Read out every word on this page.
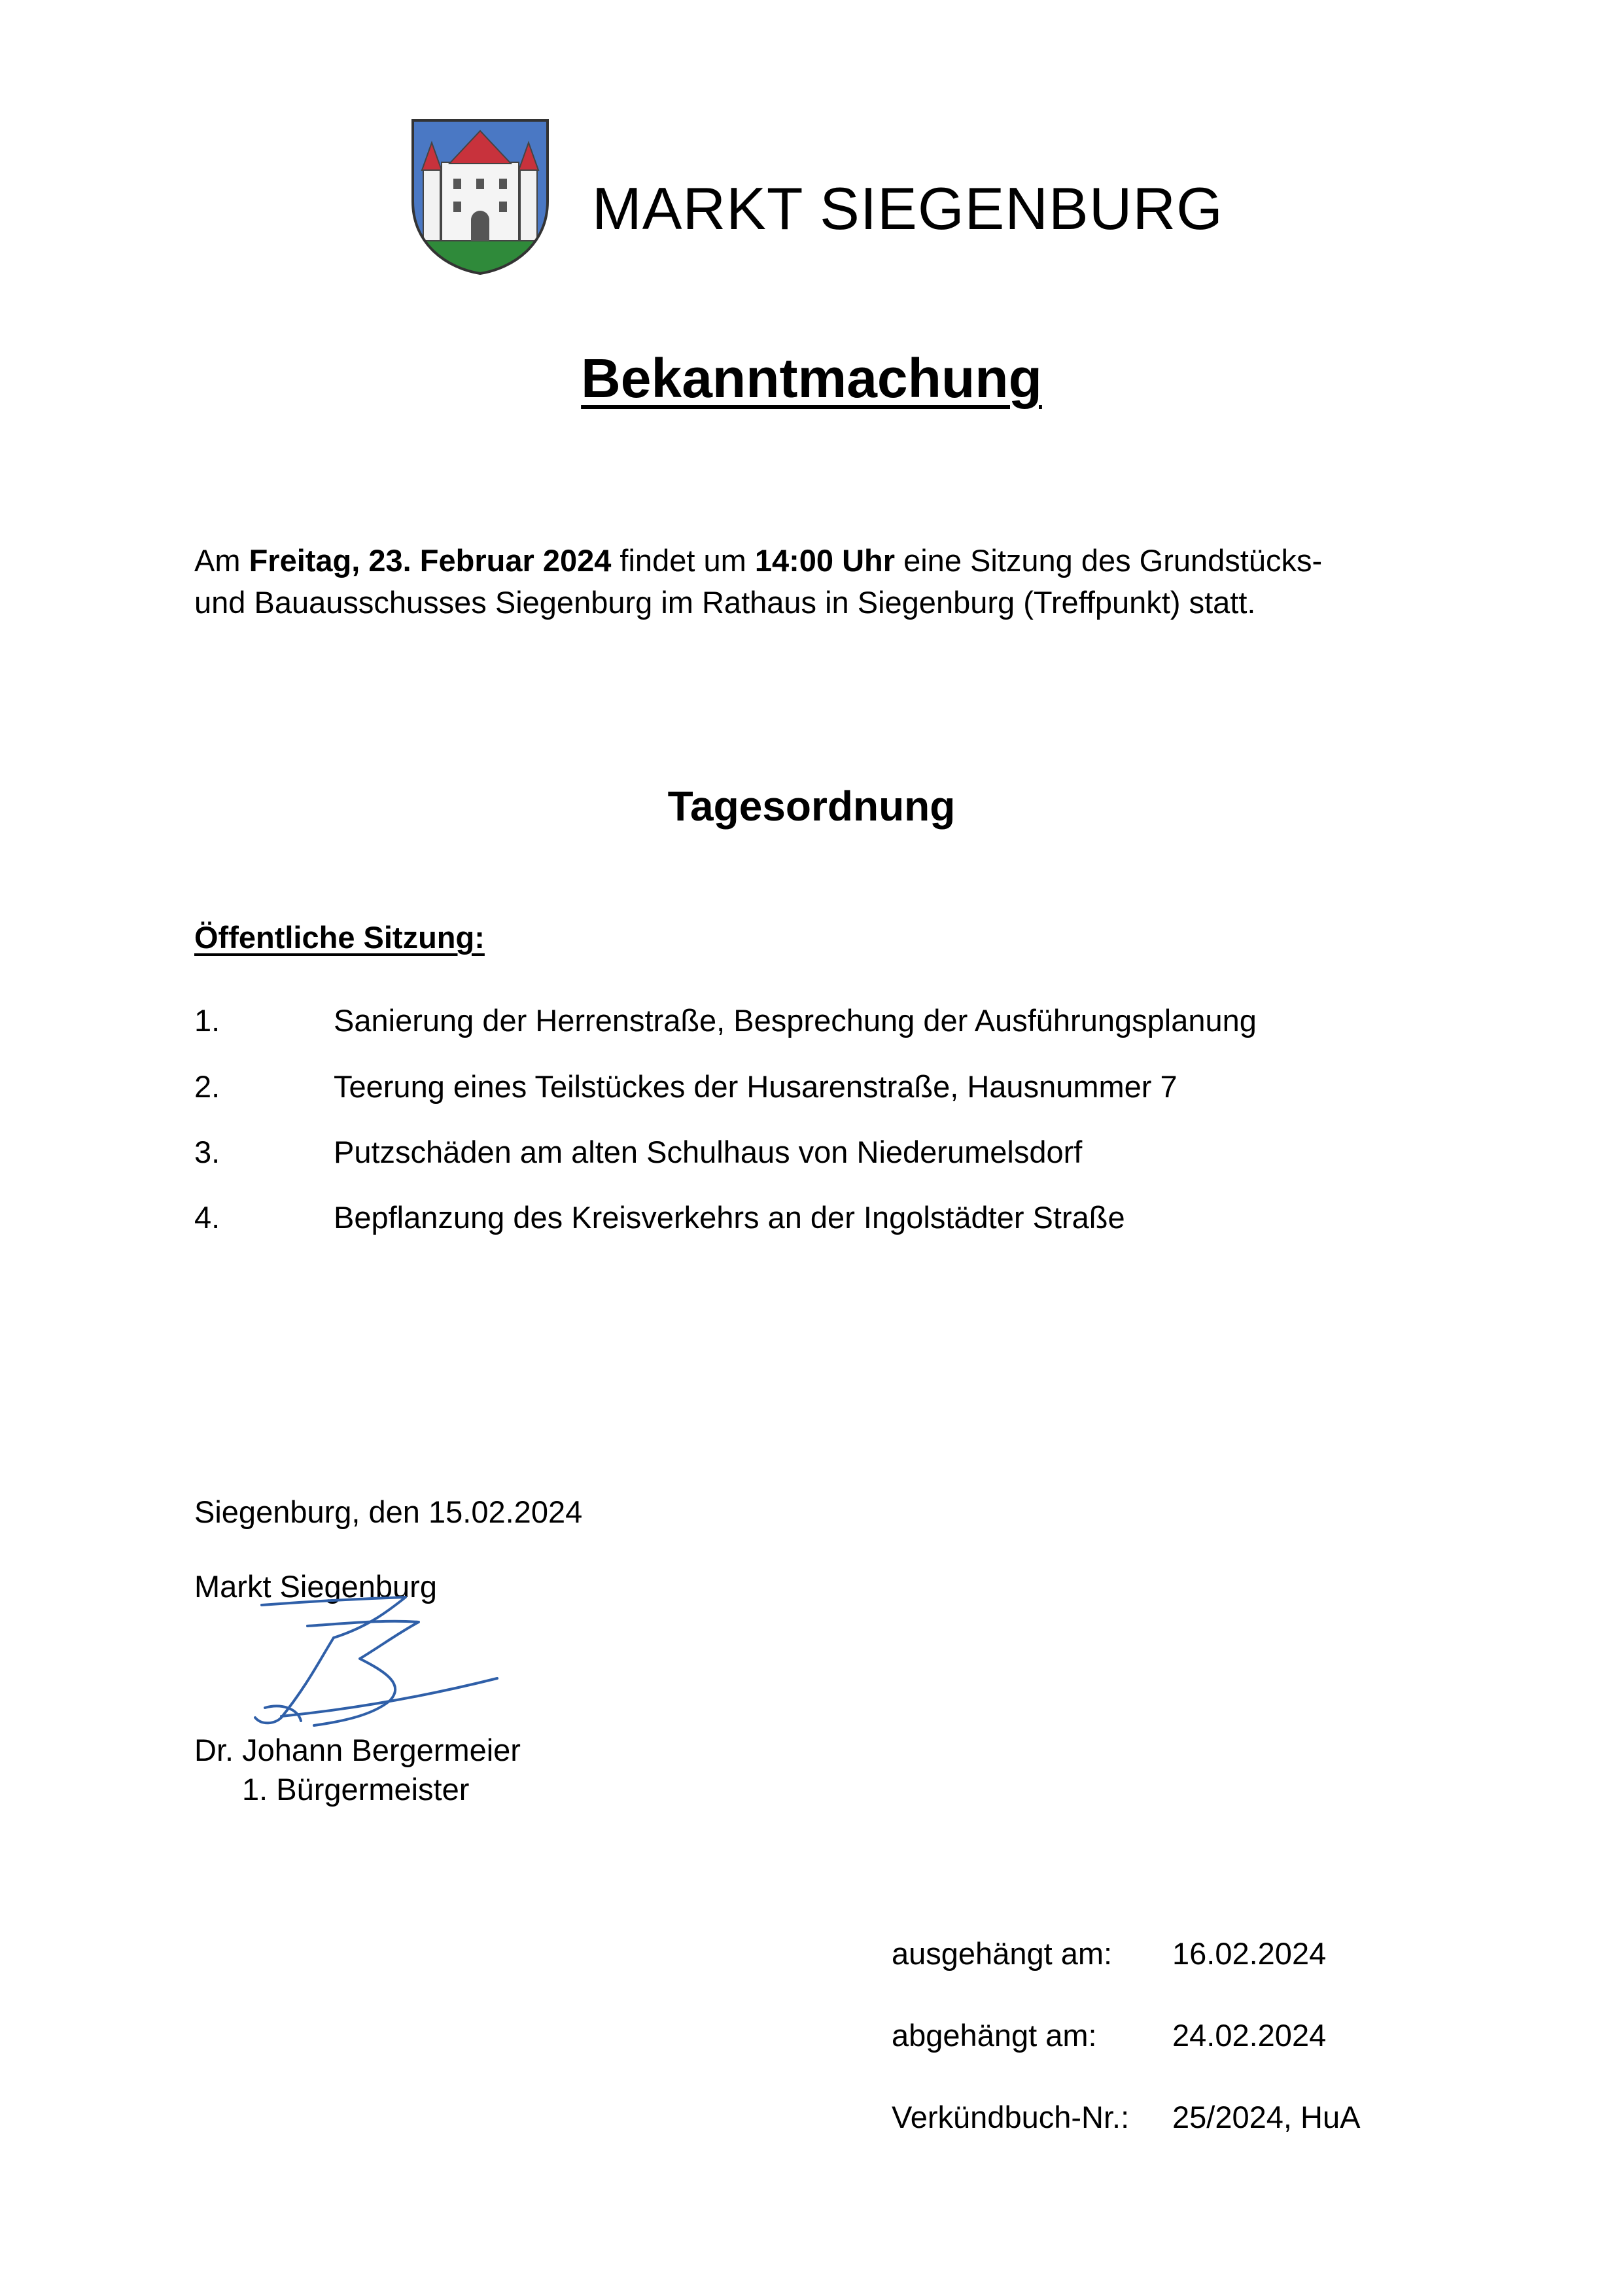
MARKT SIEGENBURG
Bekanntmachung
Am Freitag, 23. Februar 2024 findet um 14:00 Uhr eine Sitzung des Grundstücks-
und Bauausschusses Siegenburg im Rathaus in Siegenburg (Treffpunkt) statt.
Tagesordnung
Öffentliche Sitzung:
1.	Sanierung der Herrenstraße, Besprechung der Ausführungsplanung
2.	Teerung eines Teilstückes der Husarenstraße, Hausnummer 7
3.	Putzschäden am alten Schulhaus von Niederumelsdorf
4.	Bepflanzung des Kreisverkehrs an der Ingolstädter Straße
Siegenburg, den 15.02.2024
Markt Siegenburg
Dr. Johann Bergermeier
1. Bürgermeister
ausgehängt am: 16.02.2024
abgehängt am: 24.02.2024
Verkündbuch-Nr.: 25/2024, HuA
